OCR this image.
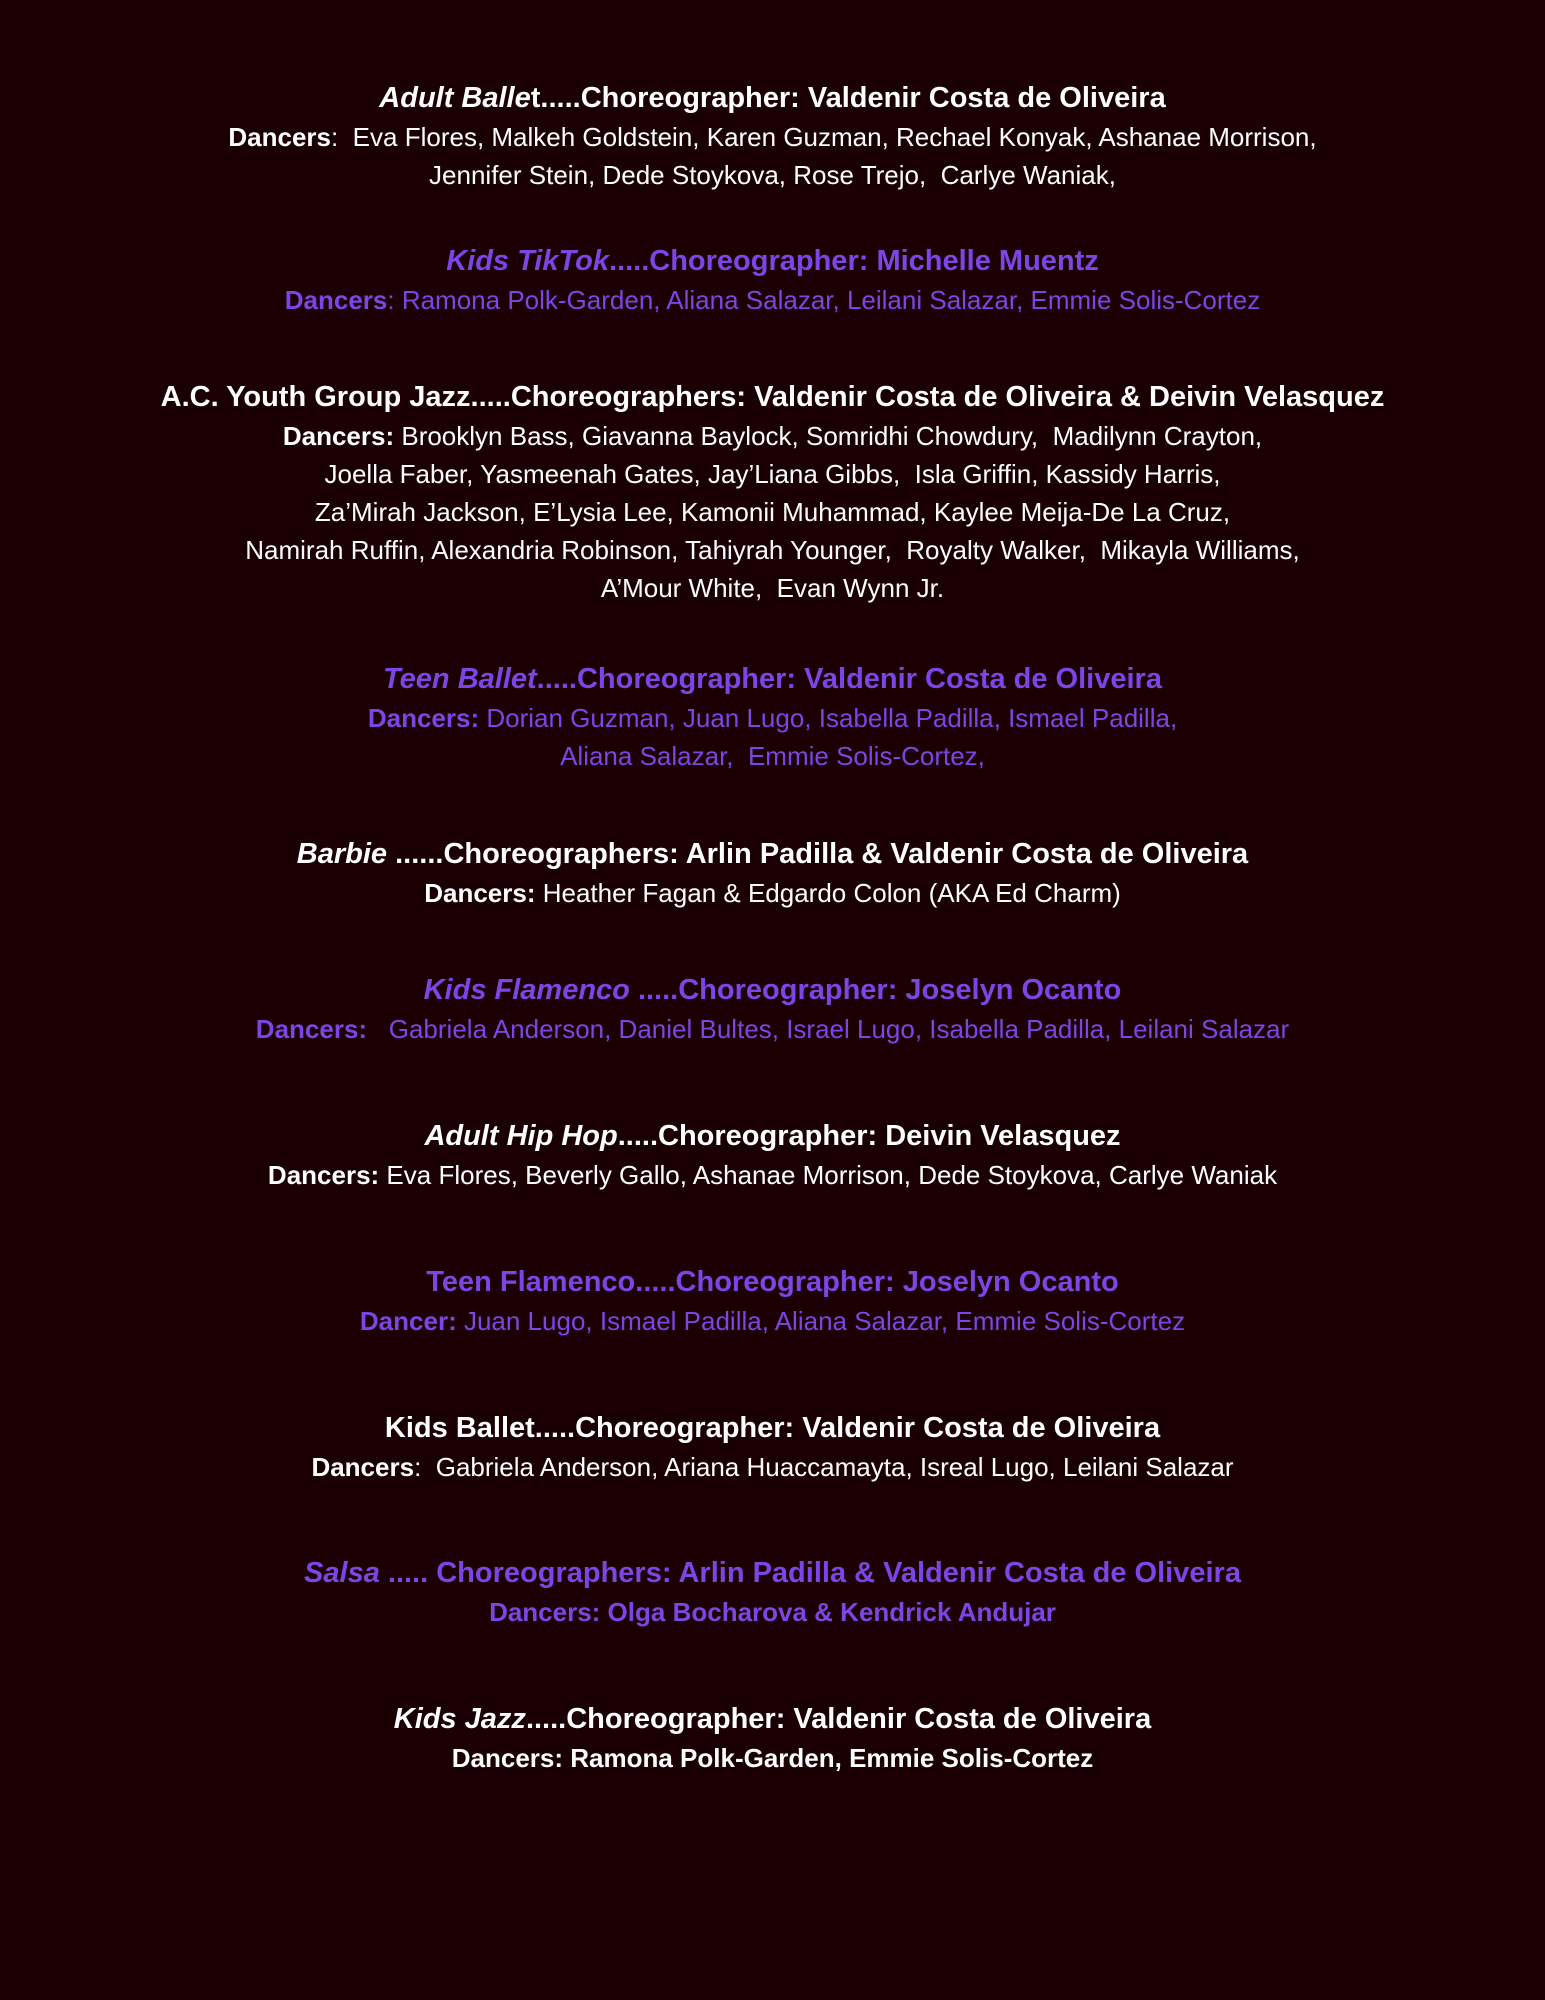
Adult Ballet.....Choreographer: Valdenir Costa de Oliveira
Dancers:  Eva Flores, Malkeh Goldstein, Karen Guzman, Rechael Konyak, Ashanae Morrison,
Jennifer Stein, Dede Stoykova, Rose Trejo,  Carlye Waniak,
Kids TikTok.....Choreographer: Michelle Muentz
Dancers: Ramona Polk-Garden, Aliana Salazar, Leilani Salazar, Emmie Solis-Cortez
A.C. Youth Group Jazz.....Choreographers: Valdenir Costa de Oliveira & Deivin Velasquez
Dancers: Brooklyn Bass, Giavanna Baylock, Somridhi Chowdury,  Madilynn Crayton,
Joella Faber, Yasmeenah Gates, Jay’Liana Gibbs,  Isla Griffin, Kassidy Harris,
Za’Mirah Jackson, E’Lysia Lee, Kamonii Muhammad, Kaylee Meija-De La Cruz,
Namirah Ruffin, Alexandria Robinson, Tahiyrah Younger,  Royalty Walker,  Mikayla Williams,
A’Mour White,  Evan Wynn Jr.
Teen Ballet.....Choreographer: Valdenir Costa de Oliveira
Dancers: Dorian Guzman, Juan Lugo, Isabella Padilla, Ismael Padilla,
Aliana Salazar,  Emmie Solis-Cortez,
Barbie ......Choreographers: Arlin Padilla & Valdenir Costa de Oliveira
Dancers: Heather Fagan & Edgardo Colon (AKA Ed Charm)
Kids Flamenco .....Choreographer: Joselyn Ocanto
Dancers:   Gabriela Anderson, Daniel Bultes, Israel Lugo, Isabella Padilla, Leilani Salazar
Adult Hip Hop.....Choreographer: Deivin Velasquez
Dancers: Eva Flores, Beverly Gallo, Ashanae Morrison, Dede Stoykova, Carlye Waniak
Teen Flamenco.....Choreographer: Joselyn Ocanto
Dancer: Juan Lugo, Ismael Padilla, Aliana Salazar, Emmie Solis-Cortez
Kids Ballet.....Choreographer: Valdenir Costa de Oliveira
Dancers:  Gabriela Anderson, Ariana Huaccamayta, Isreal Lugo, Leilani Salazar
Salsa ..... Choreographers: Arlin Padilla & Valdenir Costa de Oliveira
Dancers: Olga Bocharova & Kendrick Andujar
Kids Jazz.....Choreographer: Valdenir Costa de Oliveira
Dancers: Ramona Polk-Garden, Emmie Solis-Cortez
